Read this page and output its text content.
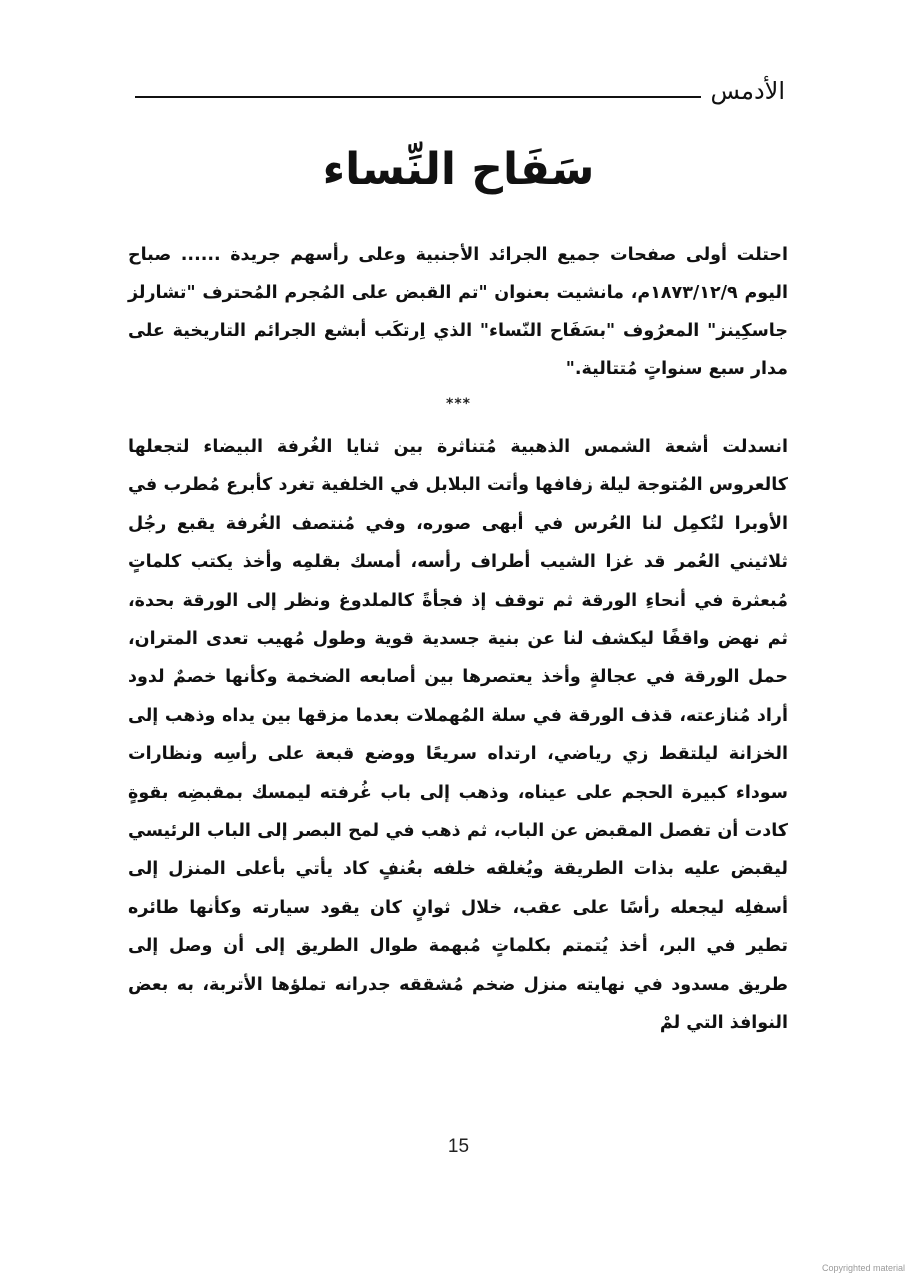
الأدمس
سَفَاح النِّساء

احتلت أولى صفحات جميع الجرائد الأجنبية وعلى رأسهم جريدة ...... صباح اليوم ١٨٧٣/١٢/٩م، مانشيت بعنوان "تم القبض على المُجرم المُحترف "تشارلز جاسكِينز" المعرُوف "بسَفَاح النّساء" الذي اِرتكَب أبشع الجرائم التاريخية على مدار سبع سنواتٍ مُتتالية."

***

انسدلت أشعة الشمس الذهبية مُتناثرة بين ثنايا الغُرفة البيضاء لتجعلها كالعروس المُتوجة ليلة زفافها وأتت البلابل في الخلفية تغرد كأبرع مُطرب في الأوبرا لتُكمِل لنا العُرس في أبهى صوره، وفي مُنتصف الغُرفة يقبع رجُل ثلاثيني العُمر قد غزا الشيب أطراف رأسه، أمسك بقلمِه وأخذ يكتب كلماتٍ مُبعثرة في أنحاءِ الورقة ثم توقف إذ فجأةً كالملدوغ ونظر إلى الورقة بحدة، ثم نهض واقفًا ليكشف لنا عن بنية جسدية قوية وطول مُهيب تعدى المتران، حمل الورقة في عجالةٍ وأخذ يعتصرها بين أصابعه الضخمة وكأنها خصمٌ لدود أراد مُنازعته، قذف الورقة في سلة المُهملات بعدما مزقها بين يداه وذهب إلى الخزانة ليلتقط زي رياضي، ارتداه سريعًا ووضع قبعة على رأسِه ونظارات سوداء كبيرة الحجم على عيناه، وذهب إلى باب غُرفته ليمسك بمقبضِه بقوةٍ كادت أن تفصل المقبض عن الباب، ثم ذهب في لمح البصر إلى الباب الرئيسي ليقبض عليه بذات الطريقة ويُغلقه خلفه بعُنفٍ كاد يأتي بأعلى المنزل إلى أسفلِه ليجعله رأسًا على عقب، خلال ثوانٍ كان يقود سيارته وكأنها طائره تطير في البر، أخذ يُتمتم بكلماتٍ مُبهمة طوال الطريق إلى أن وصل إلى طريق مسدود في نهايته منزل ضخم مُشققه جدرانه تملؤها الأتربة، به بعض النوافذ التي لمْ

15
Copyrighted material
